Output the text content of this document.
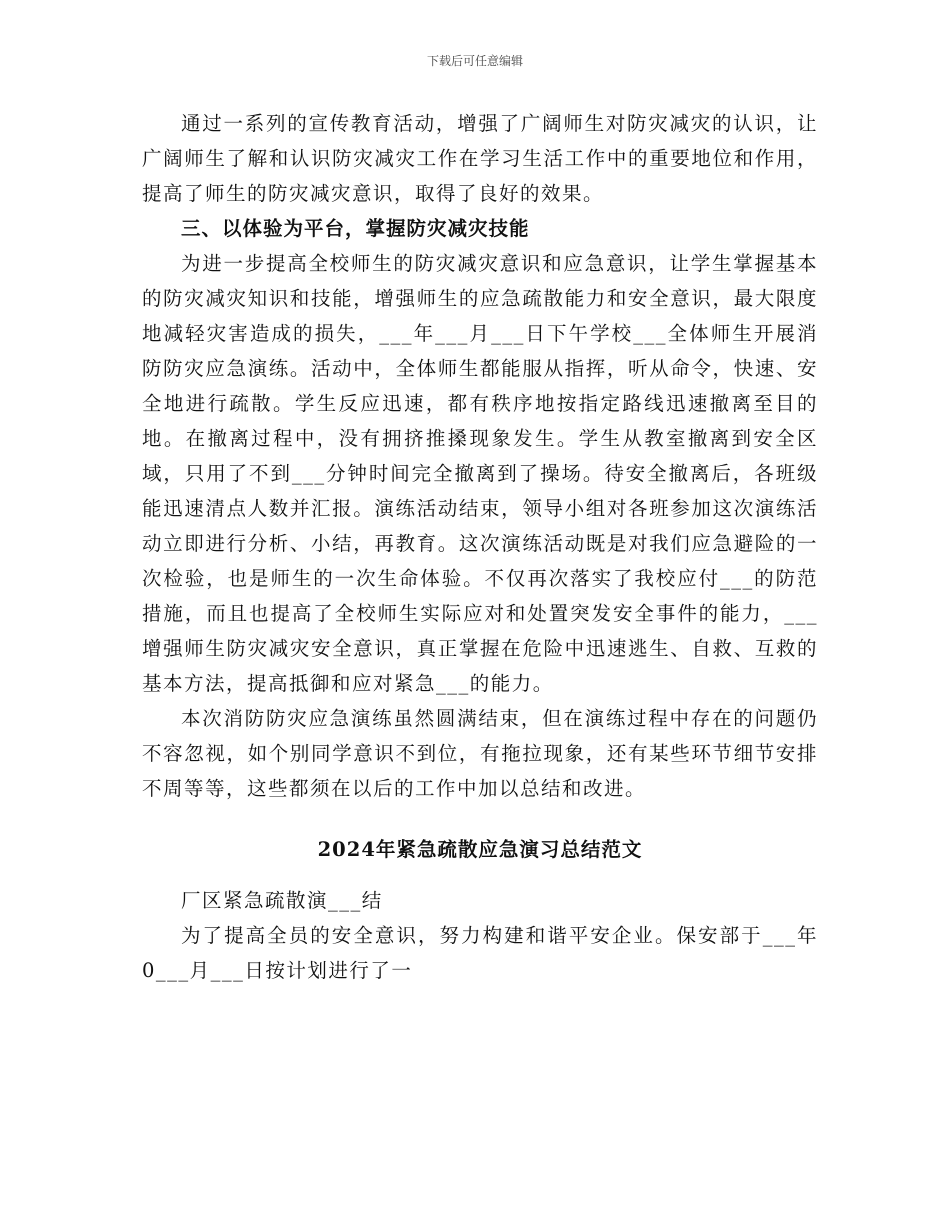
下载后可任意编辑

通过一系列的宣传教育活动，增强了广阔师生对防灾减灾的认识，让广阔师生了解和认识防灾减灾工作在学习生活工作中的重要地位和作用，提高了师生的防灾减灾意识，取得了良好的效果。

三、以体验为平台，掌握防灾减灾技能

为进一步提高全校师生的防灾减灾意识和应急意识，让学生掌握基本的防灾减灾知识和技能，增强师生的应急疏散能力和安全意识，最大限度地减轻灾害造成的损失，___年___月___日下午学校___全体师生开展消防防灾应急演练。活动中，全体师生都能服从指挥，听从命令，快速、安全地进行疏散。学生反应迅速，都有秩序地按指定路线迅速撤离至目的地。在撤离过程中，没有拥挤推搡现象发生。学生从教室撤离到安全区域，只用了不到___分钟时间完全撤离到了操场。待安全撤离后，各班级能迅速清点人数并汇报。演练活动结束，领导小组对各班参加这次演练活动立即进行分析、小结，再教育。这次演练活动既是对我们应急避险的一次检验，也是师生的一次生命体验。不仅再次落实了我校应付___的防范措施，而且也提高了全校师生实际应对和处置突发安全事件的能力，___增强师生防灾减灾安全意识，真正掌握在危险中迅速逃生、自救、互救的基本方法，提高抵御和应对紧急___的能力。

本次消防防灾应急演练虽然圆满结束，但在演练过程中存在的问题仍不容忽视，如个别同学意识不到位，有拖拉现象，还有某些环节细节安排不周等等，这些都须在以后的工作中加以总结和改进。

2024年紧急疏散应急演习总结范文

厂区紧急疏散演___结

为了提高全员的安全意识，努力构建和谐平安企业。保安部于___年0___月___日按计划进行了一
